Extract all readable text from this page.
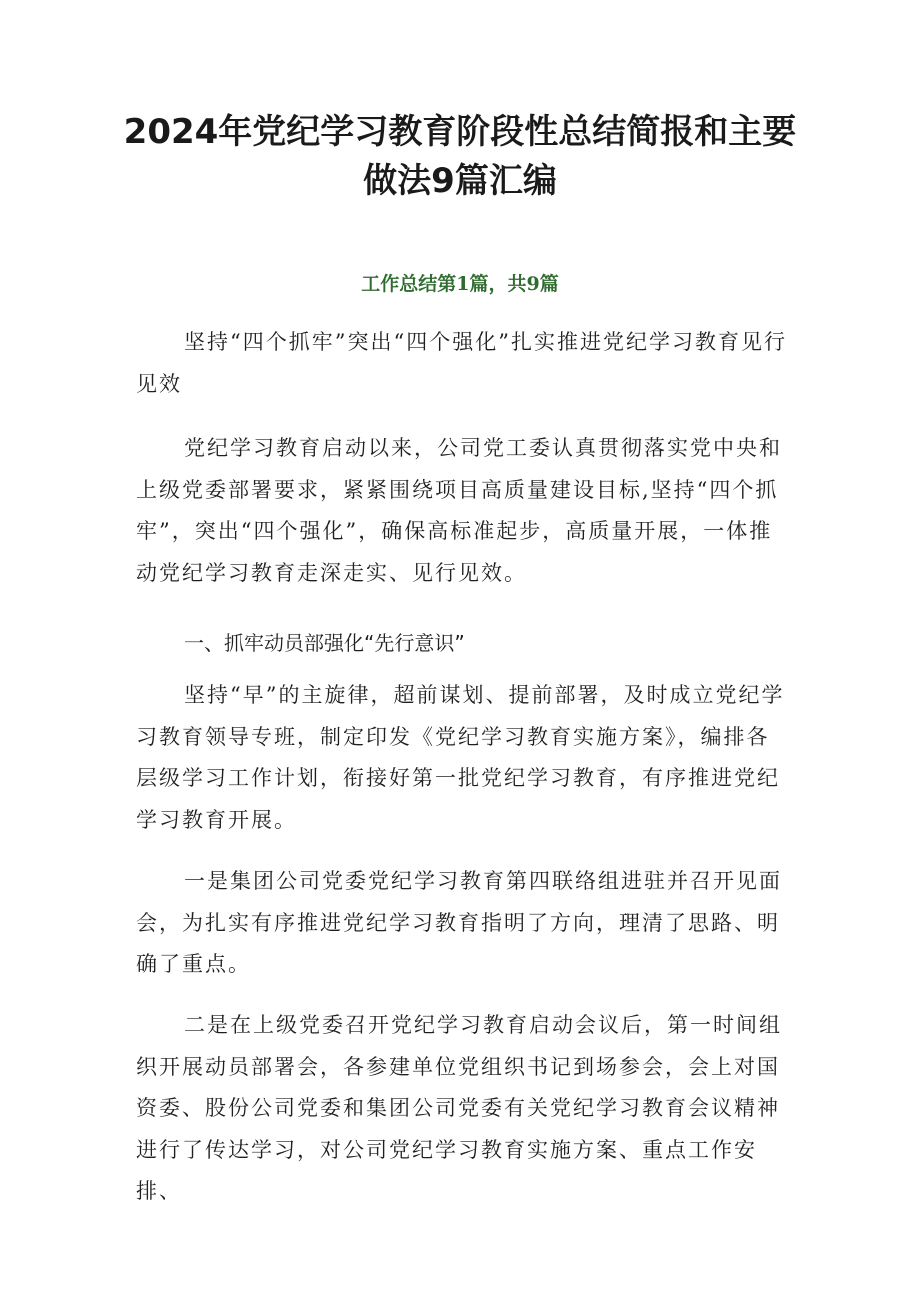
2024年党纪学习教育阶段性总结简报和主要做法9篇汇编

工作总结第1篇，共9篇

坚持“四个抓牢”突出“四个强化”扎实推进党纪学习教育见行见效

党纪学习教育启动以来，公司党工委认真贯彻落实党中央和上级党委部署要求，紧紧围绕项目高质量建设目标,坚持“四个抓牢”，突出“四个强化”，确保高标准起步，高质量开展，一体推动党纪学习教育走深走实、见行见效。

一、抓牢动员部强化“先行意识”

坚持“早”的主旋律，超前谋划、提前部署，及时成立党纪学习教育领导专班，制定印发《党纪学习教育实施方案》，编排各层级学习工作计划，衔接好第一批党纪学习教育，有序推进党纪学习教育开展。

一是集团公司党委党纪学习教育第四联络组进驻并召开见面会，为扎实有序推进党纪学习教育指明了方向，理清了思路、明确了重点。

二是在上级党委召开党纪学习教育启动会议后，第一时间组织开展动员部署会，各参建单位党组织书记到场参会，会上对国资委、股份公司党委和集团公司党委有关党纪学习教育会议精神进行了传达学习，对公司党纪学习教育实施方案、重点工作安排、
